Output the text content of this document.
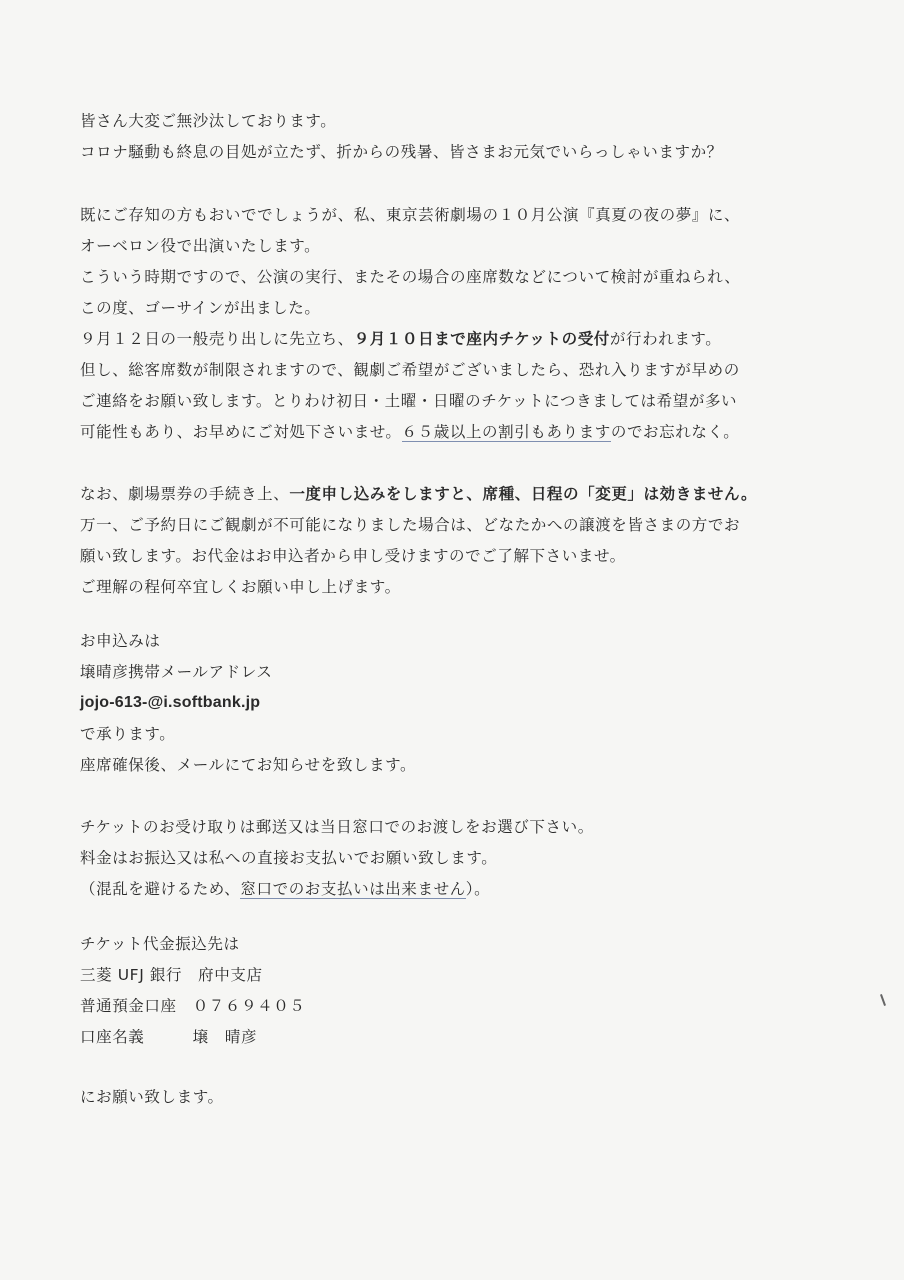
皆さん大変ご無沙汰しております。
コロナ騒動も終息の目処が立たず、折からの残暑、皆さまお元気でいらっしゃいますか？
既にご存知の方もおいででしょうが、私、東京芸術劇場の１０月公演『真夏の夜の夢』に、
オーベロン役で出演いたします。
こういう時期ですので、公演の実行、またその場合の座席数などについて検討が重ねられ、
この度、ゴーサインが出ました。
９月１２日の一般売り出しに先立ち、９月１０日まで座内チケットの受付が行われます。
但し、総客席数が制限されますので、観劇ご希望がございましたら、恐れ入りますが早めの
ご連絡をお願い致します。とりわけ初日・土曜・日曜のチケットにつきましては希望が多い
可能性もあり、お早めにご対処下さいませ。６５歳以上の割引もありますのでお忘れなく。
なお、劇場票券の手続き上、一度申し込みをしますと、席種、日程の「変更」は効きません。
万一、ご予約日にご観劇が不可能になりました場合は、どなたかへの譲渡を皆さまの方でお
願い致します。お代金はお申込者から申し受けますのでご了解下さいませ。
ご理解の程何卒宜しくお願い申し上げます。
お申込みは
壌晴彦携帯メールアドレス
jojo-613-@i.softbank.jp
で承ります。
座席確保後、メールにてお知らせを致します。
チケットのお受け取りは郵送又は当日窓口でのお渡しをお選び下さい。
料金はお振込又は私への直接お支払いでお願い致します。
（混乱を避けるため、窓口でのお支払いは出来ません）。
チケット代金振込先は
三菱 UFJ 銀行　府中支店
普通預金口座　０７６９４０５
口座名義　　　壌　晴彦
にお願い致します。
